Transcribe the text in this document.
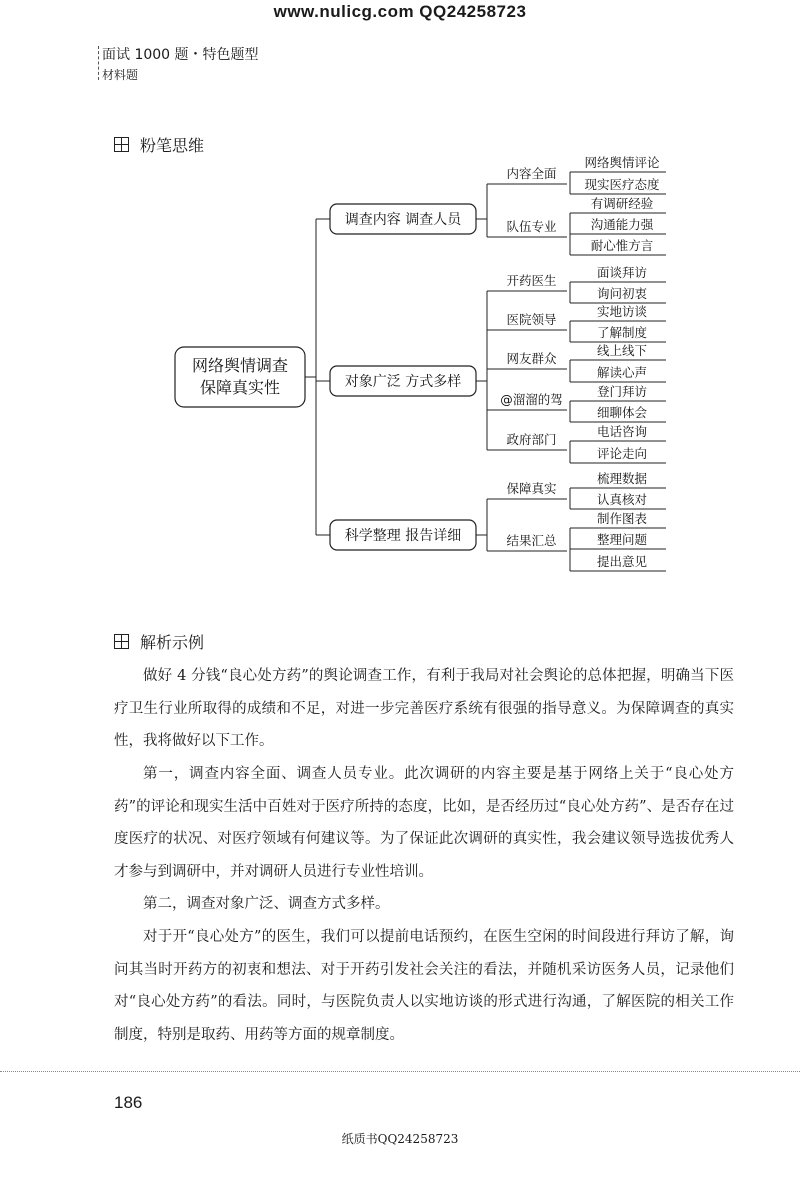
www.nulicg.com QQ24258723
面试 1000 题・特色题型
材料题
粉笔思维
网络舆情调查
保障真实性
调查内容 调查人员
内容全面
网络舆情评论
现实医疗态度
队伍专业
有调研经验
沟通能力强
耐心惟方言
对象广泛 方式多样
开药医生
面谈拜访
询问初衷
医院领导
实地访谈
了解制度
网友群众
线上线下
解读心声
@溜溜的驾
登门拜访
细聊体会
政府部门
电话咨询
评论走向
科学整理 报告详细
保障真实
梳理数据
认真核对
结果汇总
制作图表
整理问题
提出意见
解析示例

做好 4 分钱“良心处方药”的舆论调查工作，有利于我局对社会舆论的总体把握，明确当下医疗卫生行业所取得的成绩和不足，对进一步完善医疗系统有很强的指导意义。为保障调查的真实性，我将做好以下工作。

第一，调查内容全面、调查人员专业。此次调研的内容主要是基于网络上关于“良心处方药”的评论和现实生活中百姓对于医疗所持的态度，比如，是否经历过“良心处方药”、是否存在过度医疗的状况、对医疗领域有何建议等。为了保证此次调研的真实性，我会建议领导选拔优秀人才参与到调研中，并对调研人员进行专业性培训。

第二，调查对象广泛、调查方式多样。

对于开“良心处方”的医生，我们可以提前电话预约，在医生空闲的时间段进行拜访了解，询问其当时开药方的初衷和想法、对于开药引发社会关注的看法，并随机采访医务人员，记录他们对“良心处方药”的看法。同时，与医院负责人以实地访谈的形式进行沟通，了解医院的相关工作制度，特别是取药、用药等方面的规章制度。

186
纸质书QQ24258723
